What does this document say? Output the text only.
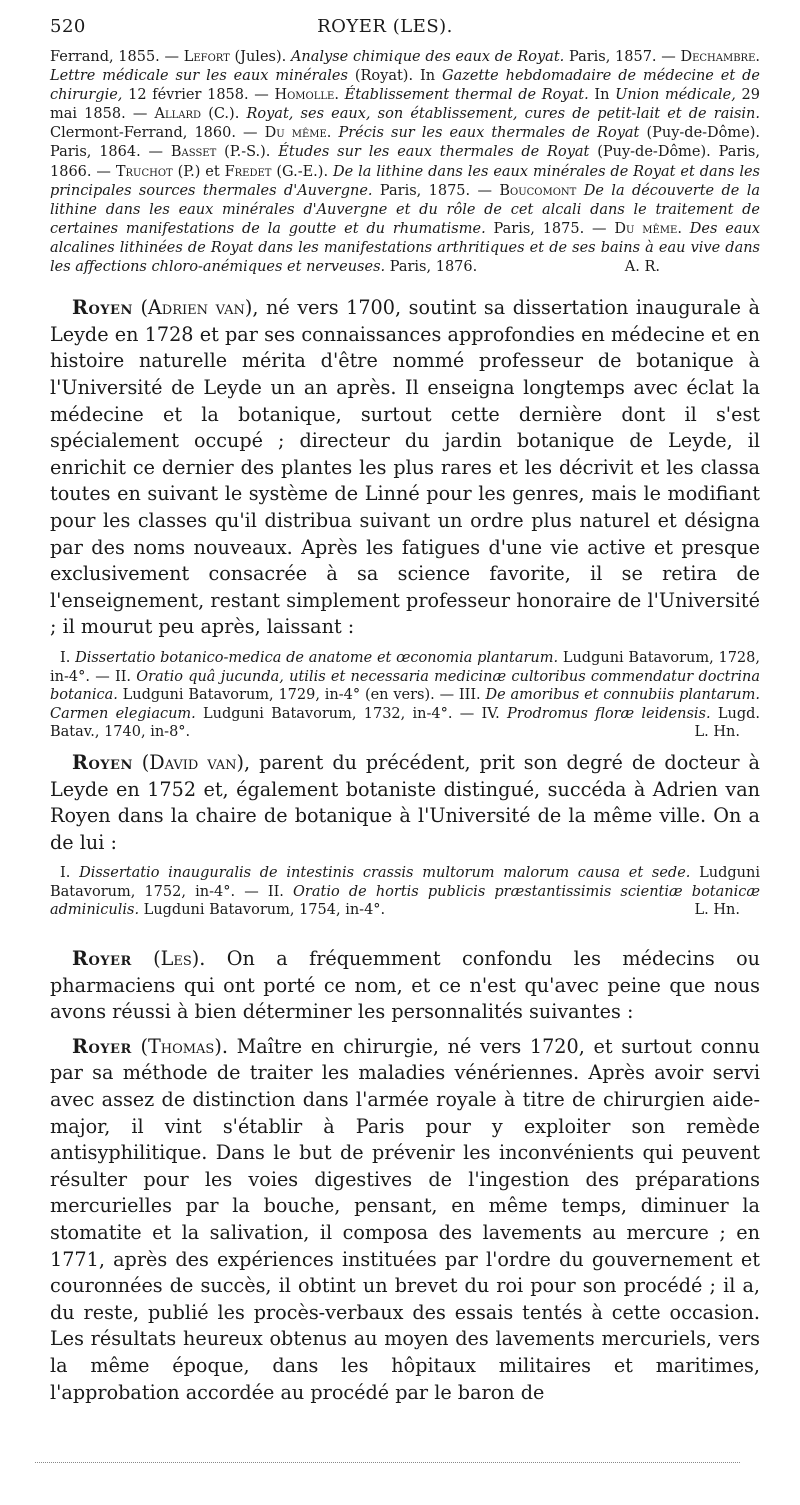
520	ROYER (LES).

Ferrand, 1855. — Lefort (Jules). Analyse chimique des eaux de Royat. Paris, 1857. — Dechambre. Lettre médicale sur les eaux minérales (Royat). In Gazette hebdomadaire de médecine et de chirurgie, 12 février 1858. — Homolle. Établissement thermal de Royat. In Union médicale, 29 mai 1858. — Allard (C.). Royat, ses eaux, son établissement, cures de petit-lait et de raisin. Clermont-Ferrand, 1860. — Du même. Précis sur les eaux thermales de Royat (Puy-de-Dôme). Paris, 1864. — Basset (P.-S.). Études sur les eaux thermales de Royat (Puy-de-Dôme). Paris, 1866. — Truchot (P.) et Fredet (G.-E.). De la lithine dans les eaux minérales de Royat et dans les principales sources thermales d'Auvergne. Paris, 1875. — Boucomont De la découverte de la lithine dans les eaux minérales d'Auvergne et du rôle de cet alcali dans le traitement de certaines manifestations de la goutte et du rhumatisme. Paris, 1875. — Du même. Des eaux alcalines lithinées de Royat dans les manifestations arthritiques et de ses bains à eau vive dans les affections chloro-anémiques et nerveuses. Paris, 1876.	A. R.

Royen (Adrien van), né vers 1700, soutint sa dissertation inaugurale à Leyde en 1728 et par ses connaissances approfondies en médecine et en histoire naturelle mérita d'être nommé professeur de botanique à l'Université de Leyde un an après. Il enseigna longtemps avec éclat la médecine et la botanique, surtout cette dernière dont il s'est spécialement occupé ; directeur du jardin botanique de Leyde, il enrichit ce dernier des plantes les plus rares et les décrivit et les classa toutes en suivant le système de Linné pour les genres, mais le modifiant pour les classes qu'il distribua suivant un ordre plus naturel et désigna par des noms nouveaux. Après les fatigues d'une vie active et presque exclusivement consacrée à sa science favorite, il se retira de l'enseignement, restant simplement professeur honoraire de l'Université ; il mourut peu après, laissant :

I. Dissertatio botanico-medica de anatome et œconomia plantarum. Ludguni Batavorum, 1728, in-4°. — II. Oratio quâ jucunda, utilis et necessaria medicinæ cultoribus commendatur doctrina botanica. Ludguni Batavorum, 1729, in-4° (en vers). — III. De amoribus et connubiis plantarum. Carmen elegiacum. Ludguni Batavorum, 1732, in-4°. — IV. Prodromus floræ leidensis. Lugd. Batav., 1740, in-8°.	L. Hn.

Royen (David van), parent du précédent, prit son degré de docteur à Leyde en 1752 et, également botaniste distingué, succéda à Adrien van Royen dans la chaire de botanique à l'Université de la même ville. On a de lui :

I. Dissertatio inauguralis de intestinis crassis multorum malorum causa et sede. Ludguni Batavorum, 1752, in-4°. — II. Oratio de hortis publicis præstantissimis scientiæ botanicæ adminiculis. Lugduni Batavorum, 1754, in-4°.	L. Hn.

Royer (Les). On a fréquemment confondu les médecins ou pharmaciens qui ont porté ce nom, et ce n'est qu'avec peine que nous avons réussi à bien déterminer les personnalités suivantes :

Royer (Thomas). Maître en chirurgie, né vers 1720, et surtout connu par sa méthode de traiter les maladies vénériennes. Après avoir servi avec assez de distinction dans l'armée royale à titre de chirurgien aide-major, il vint s'établir à Paris pour y exploiter son remède antisyphilitique. Dans le but de prévenir les inconvénients qui peuvent résulter pour les voies digestives de l'ingestion des préparations mercurielles par la bouche, pensant, en même temps, diminuer la stomatite et la salivation, il composa des lavements au mercure ; en 1771, après des expériences instituées par l'ordre du gouvernement et couronnées de succès, il obtint un brevet du roi pour son procédé ; il a, du reste, publié les procès-verbaux des essais tentés à cette occasion. Les résultats heureux obtenus au moyen des lavements mercuriels, vers la même époque, dans les hôpitaux militaires et maritimes, l'approbation accordée au procédé par le baron de
